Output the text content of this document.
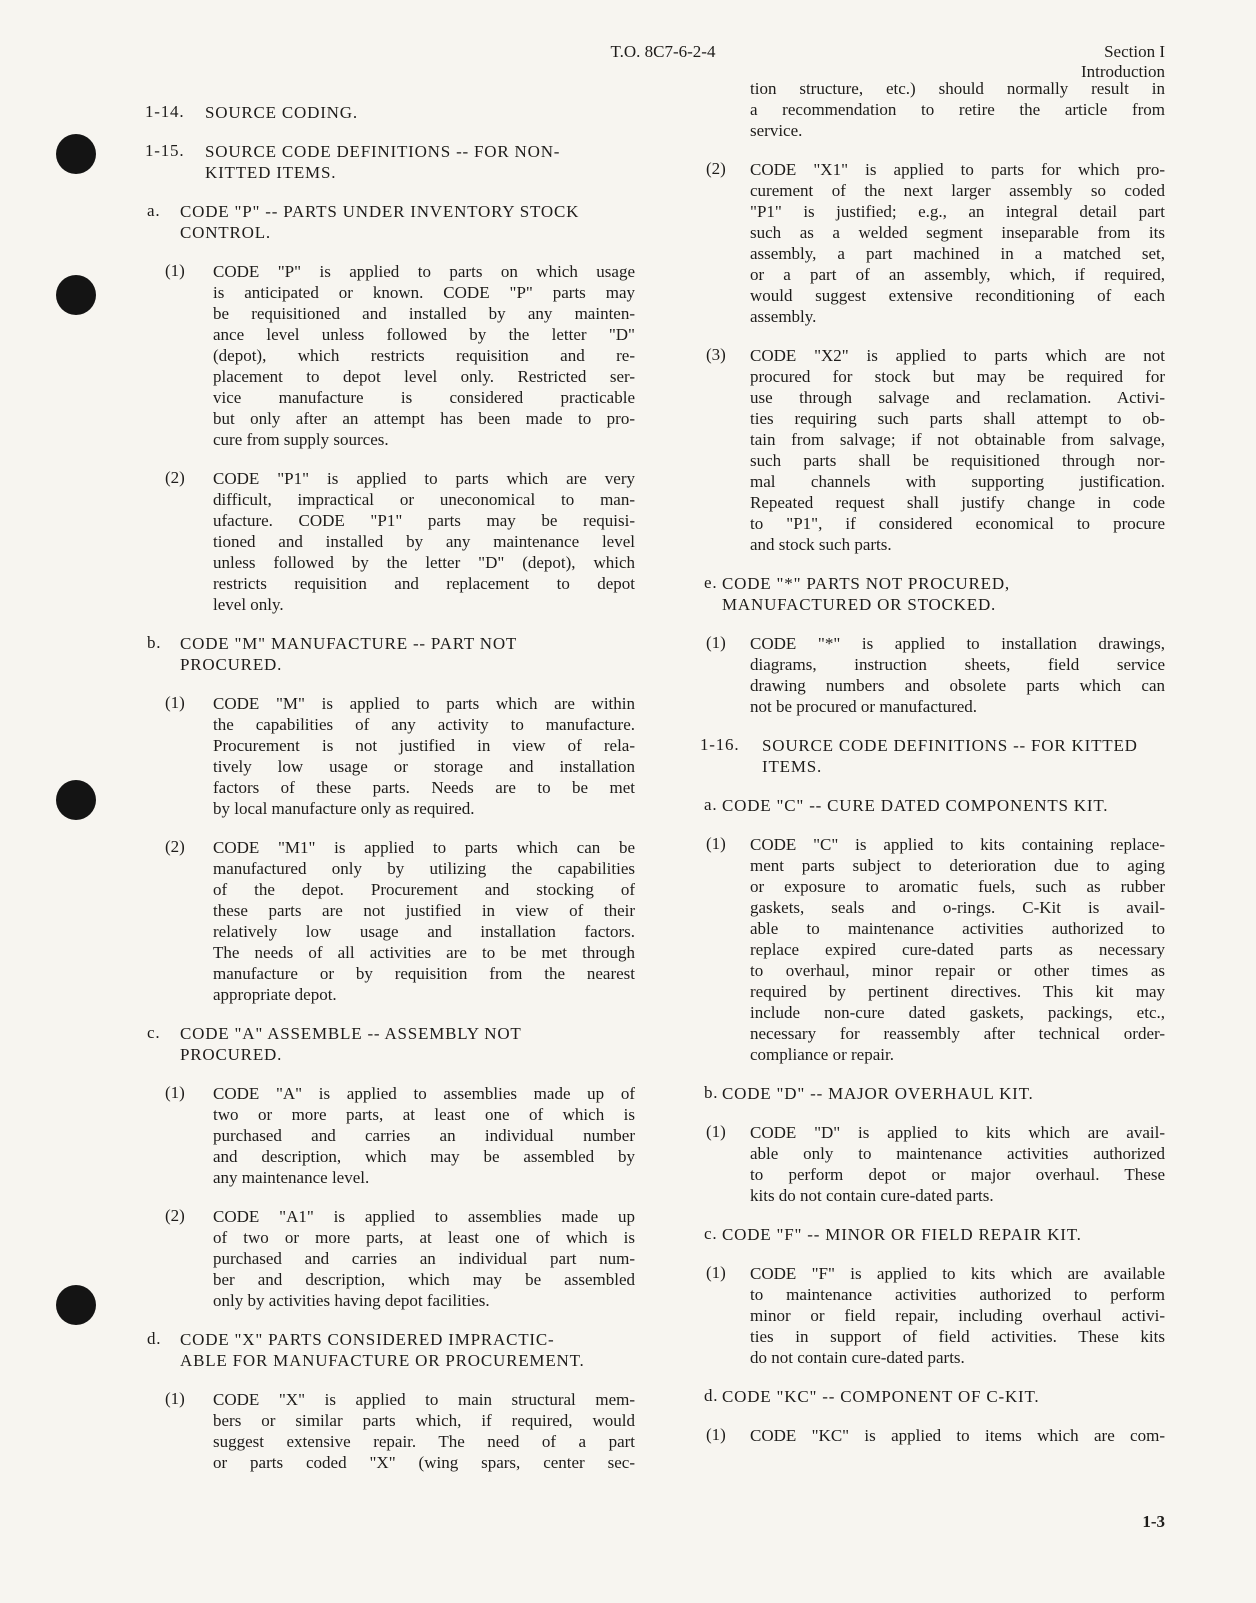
T.O. 8C7-6-2-4	Section I
Introduction
1-14.	SOURCE CODING.
1-15.	SOURCE CODE DEFINITIONS -- FOR NON-
KITTED ITEMS.
a.	CODE "P" -- PARTS UNDER INVENTORY STOCK
CONTROL.
(1)	CODE "P" is applied to parts on which usage
is anticipated or known. CODE "P" parts may
be requisitioned and installed by any mainten-
ance level unless followed by the letter "D"
(depot), which restricts requisition and re-
placement to depot level only. Restricted ser-
vice manufacture is considered practicable
but only after an attempt has been made to pro-
cure from supply sources.
(2)	CODE "P1" is applied to parts which are very
difficult, impractical or uneconomical to man-
ufacture. CODE "P1" parts may be requisi-
tioned and installed by any maintenance level
unless followed by the letter "D" (depot), which
restricts requisition and replacement to depot
level only.
b.	CODE "M" MANUFACTURE -- PART NOT
PROCURED.
(1)	CODE "M" is applied to parts which are within
the capabilities of any activity to manufacture.
Procurement is not justified in view of rela-
tively low usage or storage and installation
factors of these parts. Needs are to be met
by local manufacture only as required.
(2)	CODE "M1" is applied to parts which can be
manufactured only by utilizing the capabilities
of the depot. Procurement and stocking of
these parts are not justified in view of their
relatively low usage and installation factors.
The needs of all activities are to be met through
manufacture or by requisition from the nearest
appropriate depot.
c.	CODE "A" ASSEMBLE -- ASSEMBLY NOT
PROCURED.
(1)	CODE "A" is applied to assemblies made up of
two or more parts, at least one of which is
purchased and carries an individual number
and description, which may be assembled by
any maintenance level.
(2)	CODE "A1" is applied to assemblies made up
of two or more parts, at least one of which is
purchased and carries an individual part num-
ber and description, which may be assembled
only by activities having depot facilities.
d.	CODE "X" PARTS CONSIDERED IMPRACTIC-
ABLE FOR MANUFACTURE OR PROCUREMENT.
(1)	CODE "X" is applied to main structural mem-
bers or similar parts which, if required, would
suggest extensive repair. The need of a part
or parts coded "X" (wing spars, center sec-
tion structure, etc.) should normally result in
a recommendation to retire the article from
service.
(2)	CODE "X1" is applied to parts for which pro-
curement of the next larger assembly so coded
"P1" is justified; e.g., an integral detail part
such as a welded segment inseparable from its
assembly, a part machined in a matched set,
or a part of an assembly, which, if required,
would suggest extensive reconditioning of each
assembly.
(3)	CODE "X2" is applied to parts which are not
procured for stock but may be required for
use through salvage and reclamation. Activi-
ties requiring such parts shall attempt to ob-
tain from salvage; if not obtainable from salvage,
such parts shall be requisitioned through nor-
mal channels with supporting justification.
Repeated request shall justify change in code
to "P1", if considered economical to procure
and stock such parts.
e. CODE "*" PARTS NOT PROCURED,
MANUFACTURED OR STOCKED.
(1)	CODE "*" is applied to installation drawings,
diagrams, instruction sheets, field service
drawing numbers and obsolete parts which can
not be procured or manufactured.
1-16.	SOURCE CODE DEFINITIONS -- FOR KITTED
ITEMS.
a. CODE "C" -- CURE DATED COMPONENTS KIT.
(1)	CODE "C" is applied to kits containing replace-
ment parts subject to deterioration due to aging
or exposure to aromatic fuels, such as rubber
gaskets, seals and o-rings. C-Kit is avail-
able to maintenance activities authorized to
replace expired cure-dated parts as necessary
to overhaul, minor repair or other times as
required by pertinent directives. This kit may
include non-cure dated gaskets, packings, etc.,
necessary for reassembly after technical order-
compliance or repair.
b. CODE "D" -- MAJOR OVERHAUL KIT.
(1)	CODE "D" is applied to kits which are avail-
able only to maintenance activities authorized
to perform depot or major overhaul. These
kits do not contain cure-dated parts.
c. CODE "F" -- MINOR OR FIELD REPAIR KIT.
(1)	CODE "F" is applied to kits which are available
to maintenance activities authorized to perform
minor or field repair, including overhaul activi-
ties in support of field activities. These kits
do not contain cure-dated parts.
d. CODE "KC" -- COMPONENT OF C-KIT.
(1)	CODE "KC" is applied to items which are com-
1-3
